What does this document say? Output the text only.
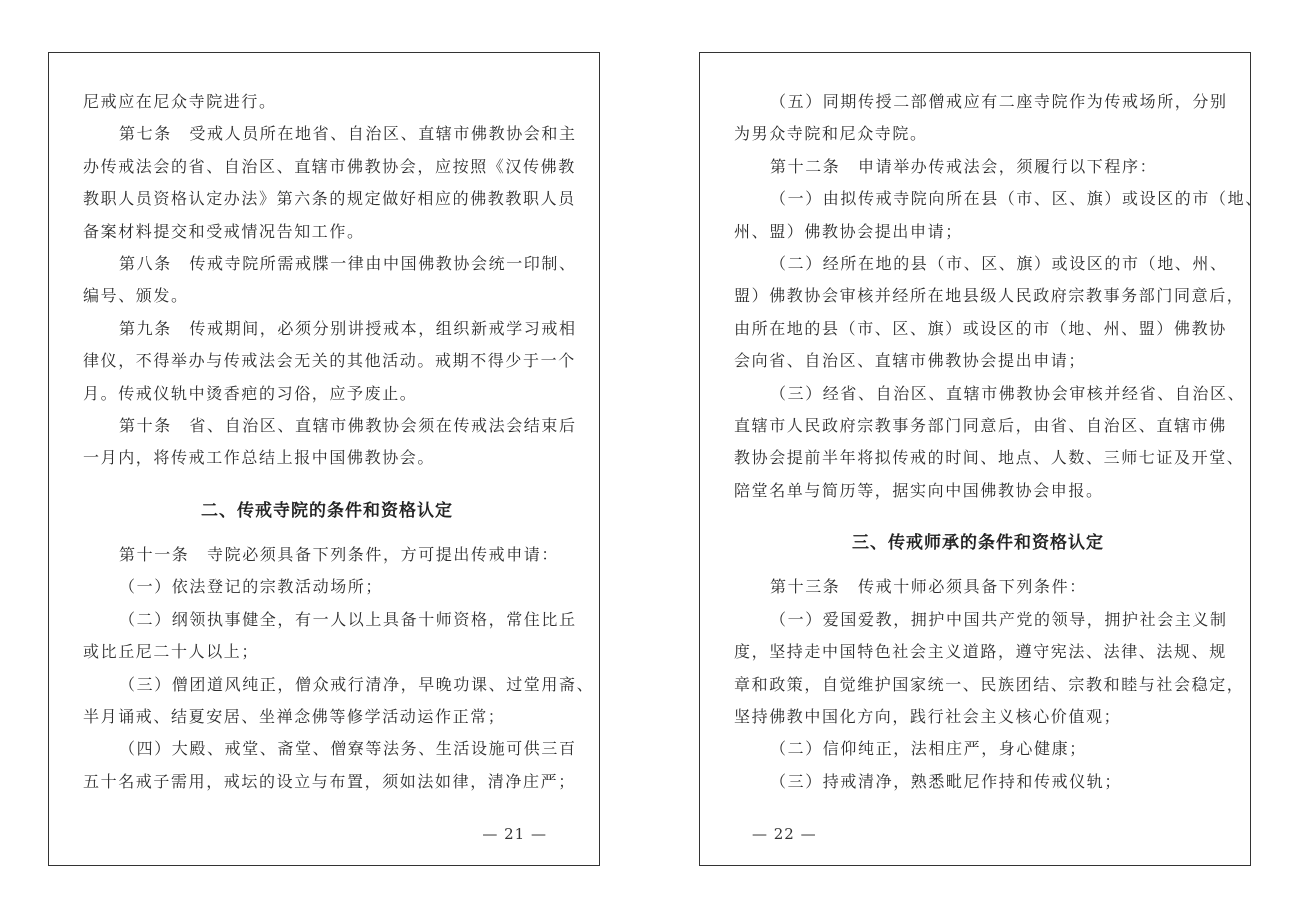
尼戒应在尼众寺院进行。
第七条　受戒人员所在地省、自治区、直辖市佛教协会和主
办传戒法会的省、自治区、直辖市佛教协会，应按照《汉传佛教
教职人员资格认定办法》第六条的规定做好相应的佛教教职人员
备案材料提交和受戒情况告知工作。
第八条　传戒寺院所需戒牒一律由中国佛教协会统一印制、
编号、颁发。
第九条　传戒期间，必须分别讲授戒本，组织新戒学习戒相
律仪，不得举办与传戒法会无关的其他活动。戒期不得少于一个
月。传戒仪轨中烫香疤的习俗，应予废止。
第十条　省、自治区、直辖市佛教协会须在传戒法会结束后
一月内，将传戒工作总结上报中国佛教协会。
二、传戒寺院的条件和资格认定
第十一条　寺院必须具备下列条件，方可提出传戒申请：
（一）依法登记的宗教活动场所；
（二）纲领执事健全，有一人以上具备十师资格，常住比丘
或比丘尼二十人以上；
（三）僧团道风纯正，僧众戒行清净，早晚功课、过堂用斋、
半月诵戒、结夏安居、坐禅念佛等修学活动运作正常；
（四）大殿、戒堂、斋堂、僧寮等法务、生活设施可供三百
五十名戒子需用，戒坛的设立与布置，须如法如律，清净庄严；
— 21 —
（五）同期传授二部僧戒应有二座寺院作为传戒场所，分别
为男众寺院和尼众寺院。
第十二条　申请举办传戒法会，须履行以下程序：
（一）由拟传戒寺院向所在县（市、区、旗）或设区的市（地、
州、盟）佛教协会提出申请；
（二）经所在地的县（市、区、旗）或设区的市（地、州、
盟）佛教协会审核并经所在地县级人民政府宗教事务部门同意后，
由所在地的县（市、区、旗）或设区的市（地、州、盟）佛教协
会向省、自治区、直辖市佛教协会提出申请；
（三）经省、自治区、直辖市佛教协会审核并经省、自治区、
直辖市人民政府宗教事务部门同意后，由省、自治区、直辖市佛
教协会提前半年将拟传戒的时间、地点、人数、三师七证及开堂、
陪堂名单与简历等，据实向中国佛教协会申报。
三、传戒师承的条件和资格认定
第十三条　传戒十师必须具备下列条件：
（一）爱国爱教，拥护中国共产党的领导，拥护社会主义制
度，坚持走中国特色社会主义道路，遵守宪法、法律、法规、规
章和政策，自觉维护国家统一、民族团结、宗教和睦与社会稳定，
坚持佛教中国化方向，践行社会主义核心价值观；
（二）信仰纯正，法相庄严，身心健康；
（三）持戒清净，熟悉毗尼作持和传戒仪轨；
— 22 —
